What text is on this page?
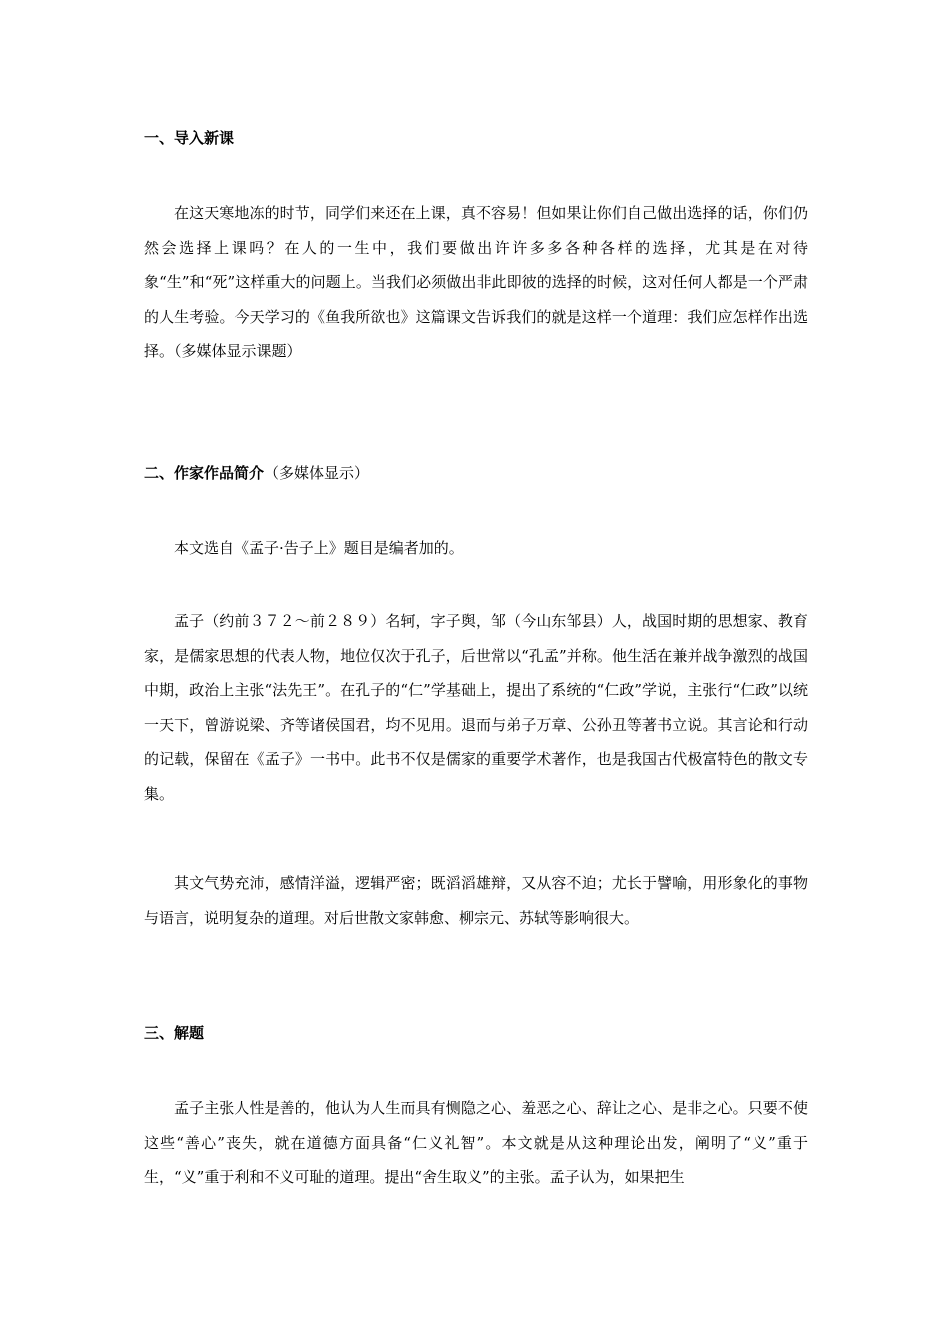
一、导入新课

在这天寒地冻的时节，同学们来还在上课，真不容易！但如果让你们自己做出选择的话，你们仍然会选择上课吗？在人的一生中，我们要做出许许多多各种各样的选择，尤其是在对待象“生”和“死”这样重大的问题上。当我们必须做出非此即彼的选择的时候，这对任何人都是一个严肃的人生考验。今天学习的《鱼我所欲也》这篇课文告诉我们的就是这样一个道理：我们应怎样作出选择。（多媒体显示课题）

二、作家作品简介（多媒体显示）

本文选自《孟子·告子上》题目是编者加的。

孟子（约前３７２～前２８９）名轲，字子舆，邹（今山东邹县）人，战国时期的思想家、教育家，是儒家思想的代表人物，地位仅次于孔子，后世常以“孔孟”并称。他生活在兼并战争激烈的战国中期，政治上主张“法先王”。在孔子的“仁”学基础上，提出了系统的“仁政”学说，主张行“仁政”以统一天下，曾游说梁、齐等诸侯国君，均不见用。退而与弟子万章、公孙丑等著书立说。其言论和行动的记载，保留在《孟子》一书中。此书不仅是儒家的重要学术著作，也是我国古代极富特色的散文专集。

其文气势充沛，感情洋溢，逻辑严密；既滔滔雄辩，又从容不迫；尤长于譬喻，用形象化的事物与语言，说明复杂的道理。对后世散文家韩愈、柳宗元、苏轼等影响很大。

三、解题

孟子主张人性是善的，他认为人生而具有恻隐之心、羞恶之心、辞让之心、是非之心。只要不使这些“善心”丧失，就在道德方面具备“仁义礼智”。本文就是从这种理论出发，阐明了“义”重于生，“义”重于利和不义可耻的道理。提出“舍生取义”的主张。孟子认为，如果把生
